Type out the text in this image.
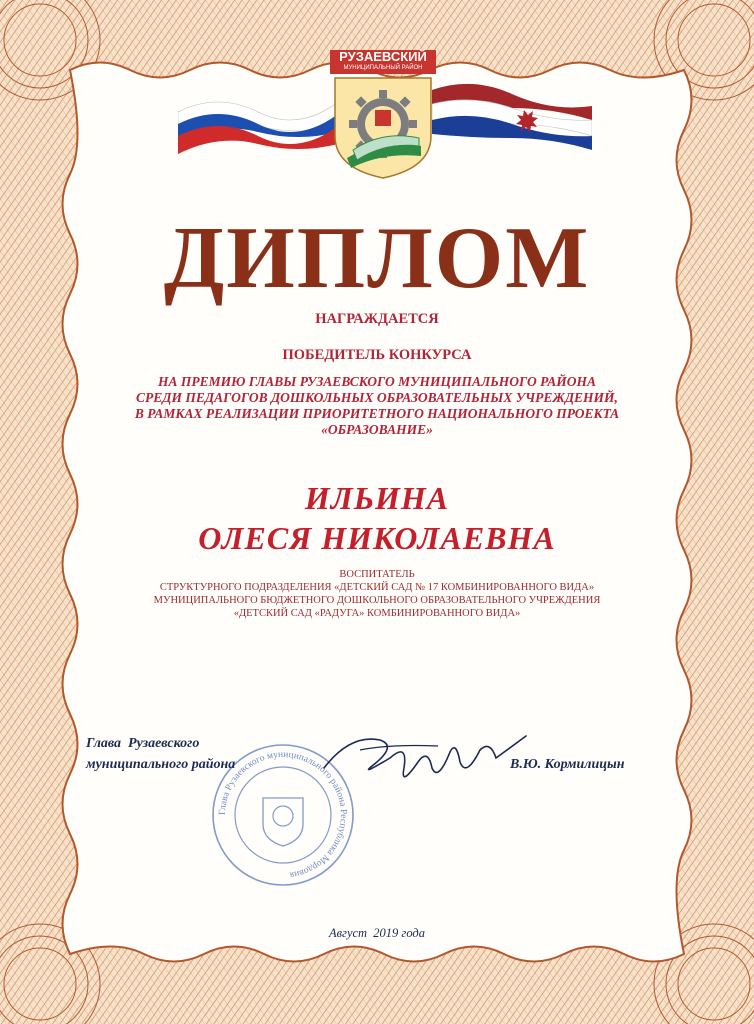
РУЗАЕВСКИЙ
МУНИЦИПАЛЬНЫЙ РАЙОН
ДИПЛОМ
НАГРАЖДАЕТСЯ
ПОБЕДИТЕЛЬ КОНКУРСА
НА ПРЕМИЮ ГЛАВЫ РУЗАЕВСКОГО МУНИЦИПАЛЬНОГО РАЙОНА
СРЕДИ ПЕДАГОГОВ ДОШКОЛЬНЫХ ОБРАЗОВАТЕЛЬНЫХ УЧРЕЖДЕНИЙ,
В РАМКАХ РЕАЛИЗАЦИИ ПРИОРИТЕТНОГО НАЦИОНАЛЬНОГО ПРОЕКТА
«ОБРАЗОВАНИЕ»
ИЛЬИНА
ОЛЕСЯ НИКОЛАЕВНА
ВОСПИТАТЕЛЬ
СТРУКТУРНОГО ПОДРАЗДЕЛЕНИЯ «ДЕТСКИЙ САД № 17 КОМБИНИРОВАННОГО ВИДА»
МУНИЦИПАЛЬНОГО БЮДЖЕТНОГО ДОШКОЛЬНОГО ОБРАЗОВАТЕЛЬНОГО УЧРЕЖДЕНИЯ
«ДЕТСКИЙ САД «РАДУГА» КОМБИНИРОВАННОГО ВИДА»
Глава Рузаевского муниципального района Республика Мордовия
Глава  Рузаевского
муниципального района	В.Ю. Кормилицын
Август  2019 года
